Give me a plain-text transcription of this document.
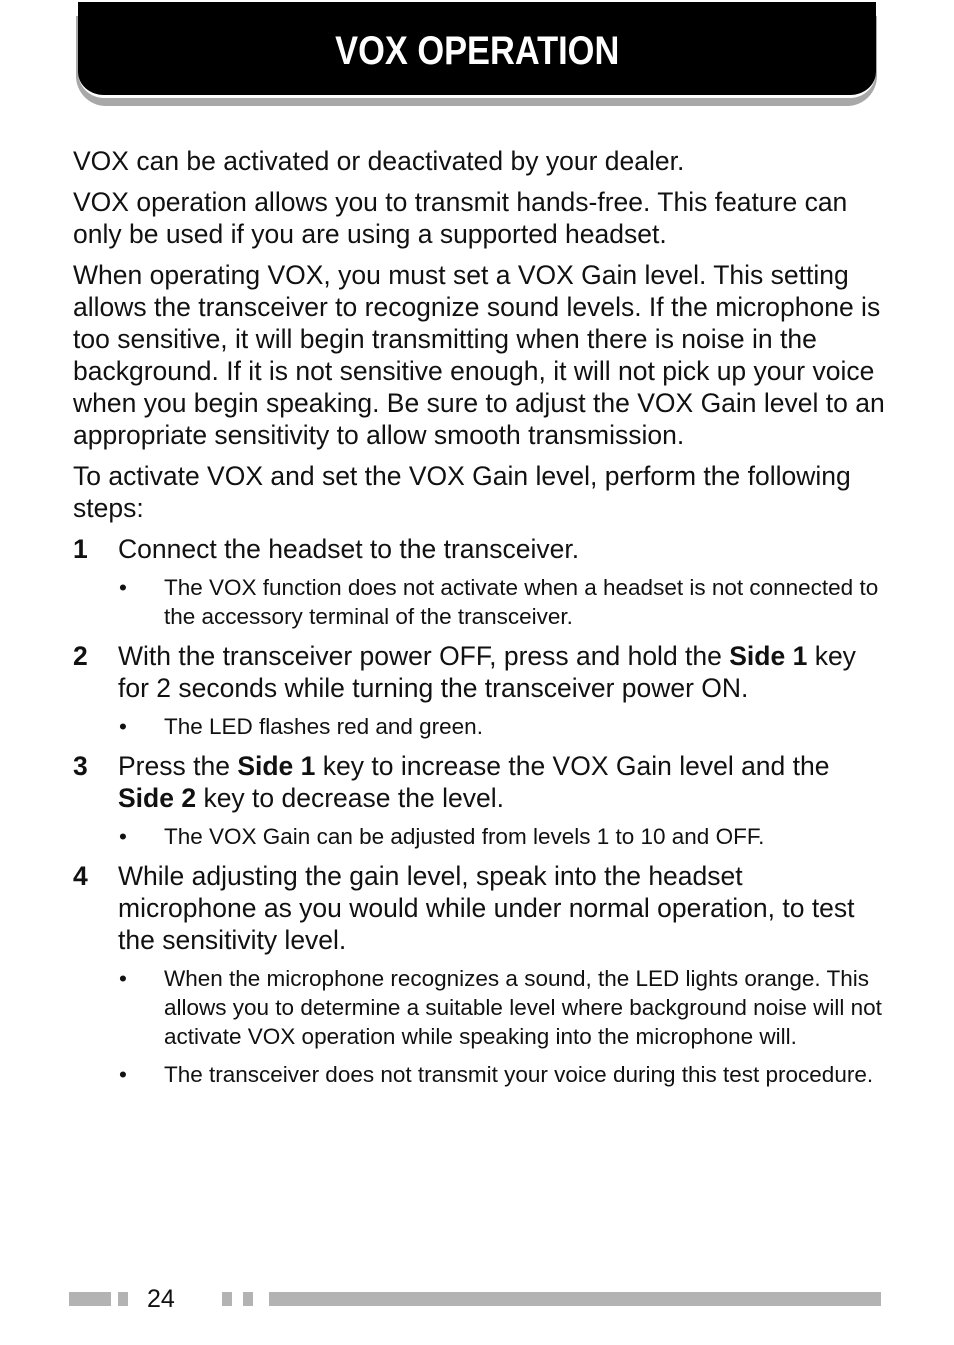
VOX OPERATION

VOX can be activated or deactivated by your dealer.

VOX operation allows you to transmit hands-free. This feature can only be used if you are using a supported headset.

When operating VOX, you must set a VOX Gain level. This setting allows the transceiver to recognize sound levels. If the microphone is too sensitive, it will begin transmitting when there is noise in the background. If it is not sensitive enough, it will not pick up your voice when you begin speaking. Be sure to adjust the VOX Gain level to an appropriate sensitivity to allow smooth transmission.

To activate VOX and set the VOX Gain level, perform the following steps:

1 Connect the headset to the transceiver.
• The VOX function does not activate when a headset is not connected to the accessory terminal of the transceiver.
2 With the transceiver power OFF, press and hold the Side 1 key for 2 seconds while turning the transceiver power ON.
• The LED flashes red and green.
3 Press the Side 1 key to increase the VOX Gain level and the Side 2 key to decrease the level.
• The VOX Gain can be adjusted from levels 1 to 10 and OFF.
4 While adjusting the gain level, speak into the headset microphone as you would while under normal operation, to test the sensitivity level.
• When the microphone recognizes a sound, the LED lights orange. This allows you to determine a suitable level where background noise will not activate VOX operation while speaking into the microphone will.
• The transceiver does not transmit your voice during this test procedure.
24
